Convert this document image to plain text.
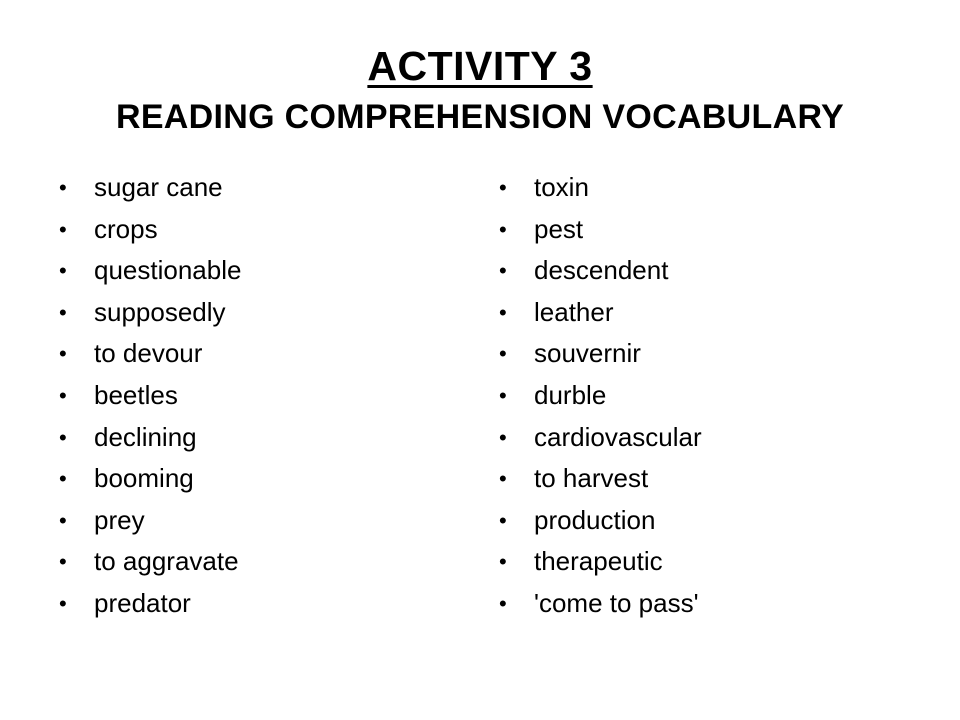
ACTIVITY 3
READING COMPREHENSION VOCABULARY
• sugar cane
• crops
• questionable
• supposedly
• to devour
• beetles
• declining
• booming
• prey
• to aggravate
• predator
• toxin
• pest
• descendent
• leather
• souvernir
• durble
• cardiovascular
• to harvest
• production
• therapeutic
• 'come to pass'
